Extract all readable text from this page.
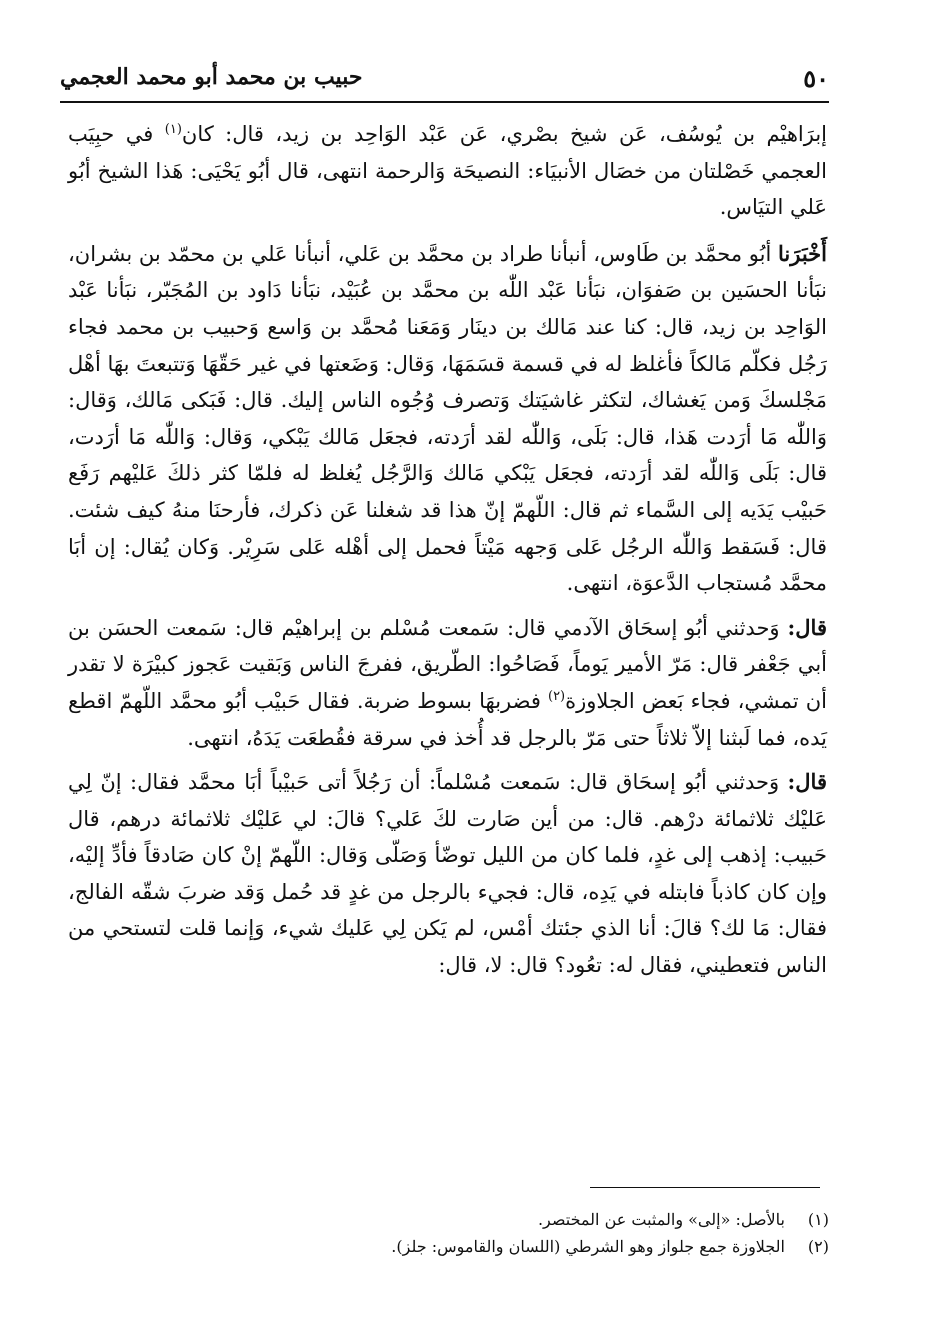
٥٠
حبيب بن محمد أبو محمد العجمي

إبرَاهيْم بن يُوسُف، عَن شيخ بصْري، عَن عَبْد الوَاحِد بن زيد، قال: كان$^{(١)}$ في حبِيَب العجمي خَصْلتان من خصَال الأنبيَاء: النصيحَة وَالرحمة انتهى، قال أبُو يَحْيَى: هَذا الشيخ أبُو عَلي التيَاس.

أَخْبَرَنا أبُو محمَّد بن طَاوس، أنبأنا طراد بن محمَّد بن عَلي، أنبأنا عَلي بن محمّد بن بشران، نبَأنا الحسَين بن صَفوَان، نبَأنا عَبْد اللّٰه بن محمَّد بن عُبَيْد، نبَأنا دَاود بن المُجَبّر، نبَأنا عَبْد الوَاحِد بن زيد، قال: كنا عند مَالك بن دينَار وَمَعَنا مُحمَّد بن وَاسع وَحبيب بن محمد فجاء رَجُل فكلّم مَالكاً فأغلظ له في قسمة قسَمَهَا، وَقال: وَضَعتها في غير حَقّهَا وَتتبعتَ بهَا أهْل مَجْلسكَ وَمن يَغشاك، لتكثر غاشيَتك وَتصرف وُجُوه الناس إليك. قال: فَبَكى مَالك، وَقال: وَاللّٰه مَا أرَدت هَذا، قال: بَلَى، وَاللّٰه لقد أرَدته، فجعَل مَالك يَبْكي، وَقال: وَاللّٰه مَا أرَدت، قال: بَلَى وَاللّٰه لقد أرَدته، فجعَل يَبْكي مَالك وَالرَّجُل يُغلظ له فلمّا كثر ذلكَ عَليْهم رَفَع حَبيْب يَدَيه إلى السَّماء ثم قال: اللّهمّ إنّ هذا قد شغلنا عَن ذكرك، فأرحنَا منهُ كيف شئت. قال: فَسَقط وَاللّٰه الرجُل عَلى وَجهه مَيْتاً فحمل إلى أهْله عَلى سَرِيْر. وَكان يُقال: إن أبَا محمَّد مُستجاب الدَّعوَة، انتهى.

قال: وَحدثني أبُو إسحَاق الآدمي قال: سَمعت مُسْلم بن إبراهيْم قال: سَمعت الحسَن بن أبي جَعْفر قال: مَرّ الأمير يَوماً، فَصَاحُوا: الطّريق، ففرجَ الناس وَبَقيت عَجوز كبيْرَة لا تقدر أن تمشي، فجاء بَعض الجلاوزة$^{(٢)}$ فضربهَا بسوط ضربة. فقال حَبيْب أبُو محمَّد اللّهمّ اقطع يَده، فما لَبثنا إلاّ ثلاثاً حتى مَرّ بالرجل قد أُخذ في سرقة فقُطعَت يَدَهُ، انتهى.

قال: وَحدثني أبُو إسحَاق قال: سَمعت مُسْلماً: أن رَجُلاً أتى حَبيْباً أبَا محمَّد فقال: إنّ لِي عَليْك ثلاثمائة درْهم. قال: من أين صَارت لكَ عَلي؟ قالَ: لي عَليْك ثلاثمائة درهم، قال حَبيب: إذهب إلى غدٍ، فلما كان من الليل توضّأ وَصَلّى وَقال: اللّهمّ إنْ كان صَادقاً فأدِّ إليْه، وإن كان كاذباً فابتله في يَدِه، قال: فجيء بالرجل من غدٍ قد حُمل وَقد ضربَ شقّه الفالج، فقال: مَا لك؟ قالَ: أنا الذي جئتك أمْس، لم يَكن لِي عَليك شيء، وَإنما قلت لتستحي من الناس فتعطيني، فقال له: تعُود؟ قال: لا، قال:

(١)بالأصل: «إلى» والمثبت عن المختصر.

(٢)الجلاوزة جمع جلواز وهو الشرطي (اللسان والقاموس: جلز).
